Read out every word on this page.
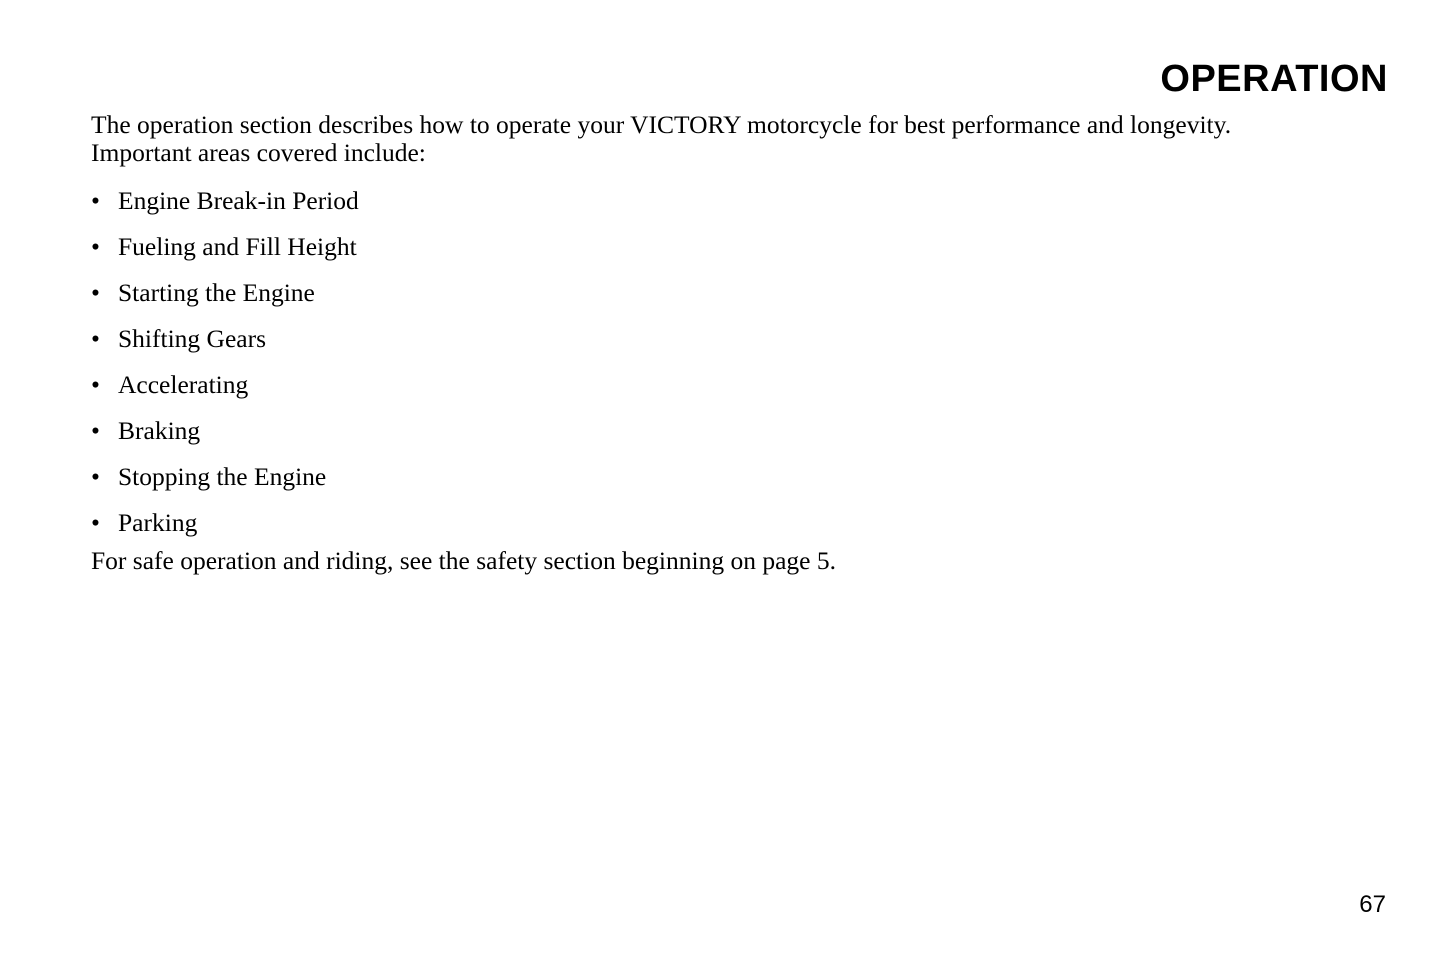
OPERATION

The operation section describes how to operate your VICTORY motorcycle for best performance and longevity.
Important areas covered include:

• Engine Break-in Period
• Fueling and Fill Height
• Starting the Engine
• Shifting Gears
• Accelerating
• Braking
• Stopping the Engine
• Parking

For safe operation and riding, see the safety section beginning on page 5.

67
